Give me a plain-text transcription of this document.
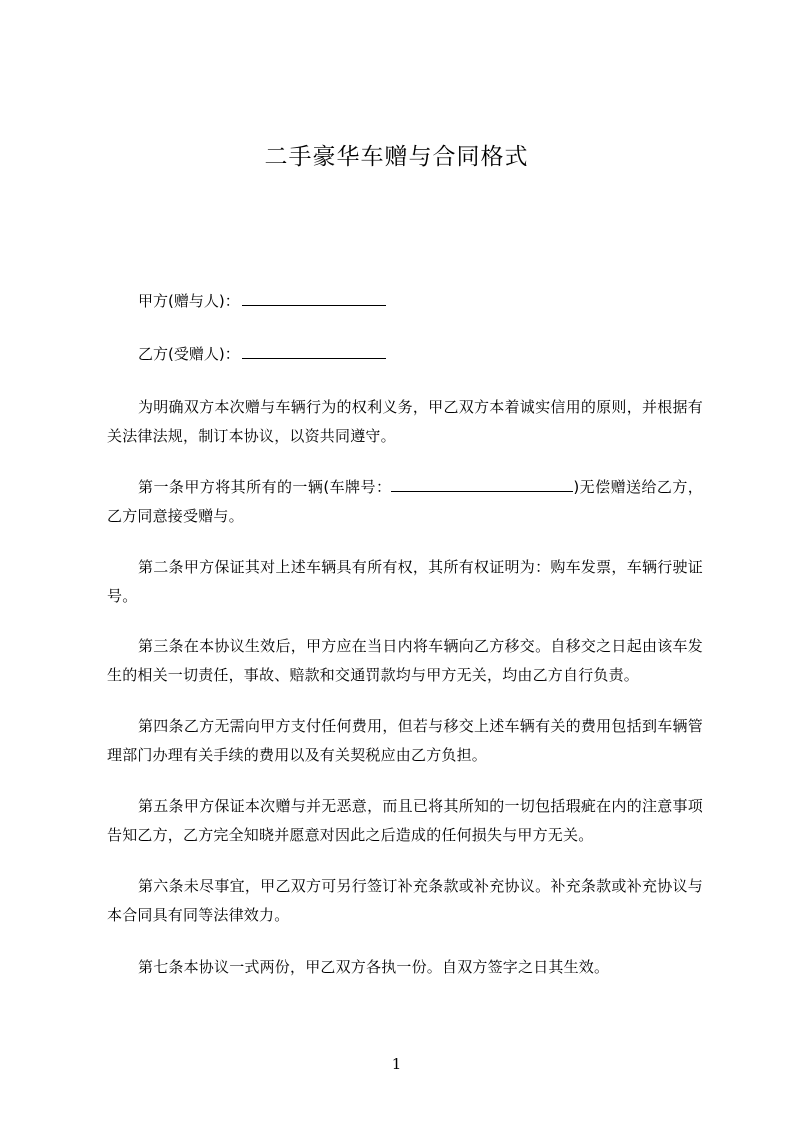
二手豪华车赠与合同格式
甲方(赠与人)：
乙方(受赠人)：
为明确双方本次赠与车辆行为的权利义务，甲乙双方本着诚实信用的原则，并根据有关法律法规，制订本协议，以资共同遵守。
第一条甲方将其所有的一辆(车牌号：	)无偿赠送给乙方，乙方同意接受赠与。
第二条甲方保证其对上述车辆具有所有权，其所有权证明为：购车发票，车辆行驶证号。
第三条在本协议生效后，甲方应在当日内将车辆向乙方移交。自移交之日起由该车发生的相关一切责任，事故、赔款和交通罚款均与甲方无关，均由乙方自行负责。
第四条乙方无需向甲方支付任何费用，但若与移交上述车辆有关的费用包括到车辆管理部门办理有关手续的费用以及有关契税应由乙方负担。
第五条甲方保证本次赠与并无恶意，而且已将其所知的一切包括瑕疵在内的注意事项告知乙方，乙方完全知晓并愿意对因此之后造成的任何损失与甲方无关。
第六条未尽事宜，甲乙双方可另行签订补充条款或补充协议。补充条款或补充协议与本合同具有同等法律效力。
第七条本协议一式两份，甲乙双方各执一份。自双方签字之日其生效。
1
